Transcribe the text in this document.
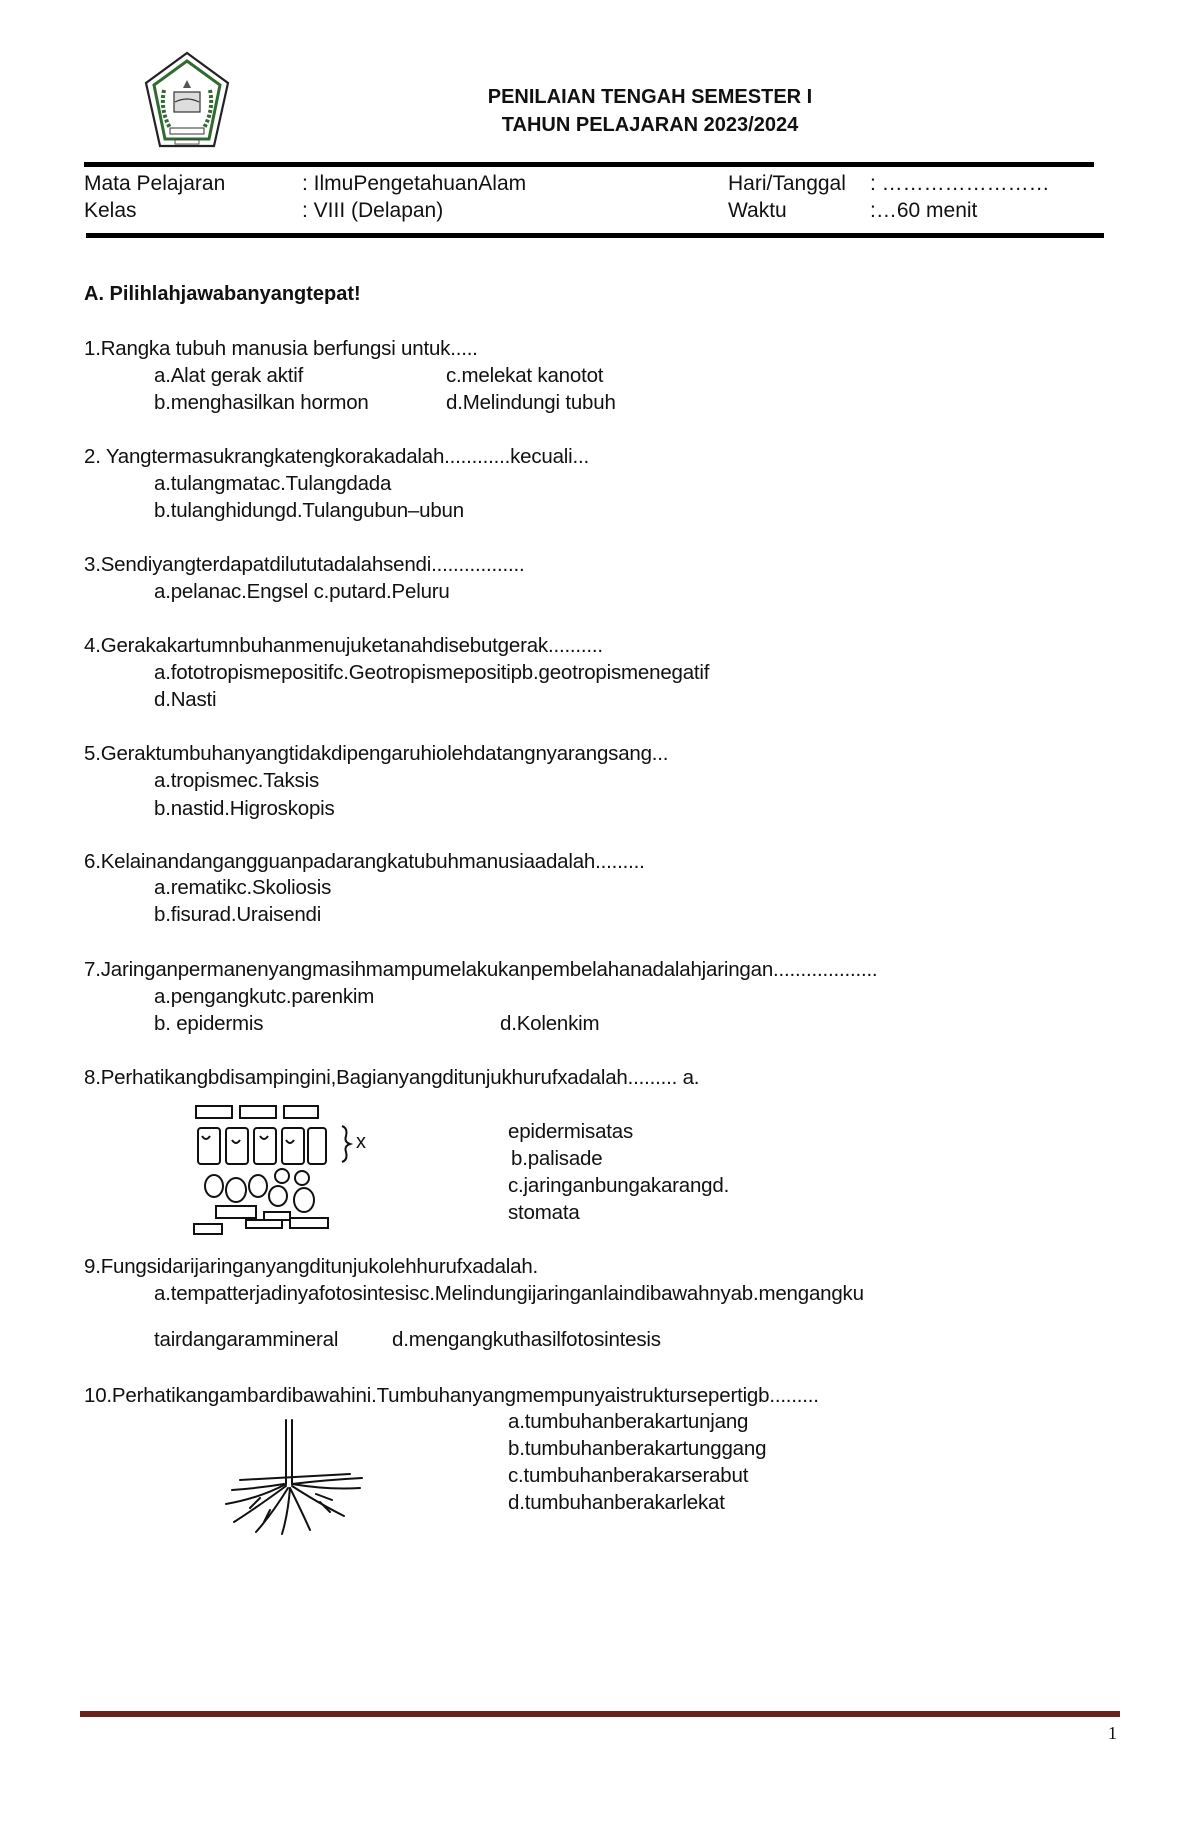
PENILAIAN TENGAH SEMESTER I
TAHUN PELAJARAN 2023/2024
Mata Pelajaran	: IlmuPengetahuanAlam	Hari/Tanggal : ……………………
Kelas	: VIII (Delapan)	Waktu	:…60 menit
A. Pilihlahjawabanyangtepat!
1.Rangka tubuh manusia berfungsi untuk.....
a.Alat gerak aktif	c.melekat kanotot
b.menghasilkan hormon	d.Melindungi tubuh
2. Yangtermasukrangkatengkorakadalah............kecuali...
a.tulangmatac.Tulangdada
b.tulanghidungd.Tulangubun–ubun
3.Sendiyangterdapatdilututadalahsendi.................
a.pelanac.Engsel c.putard.Peluru
4.Gerakakartumnbuhanmenujuketanahdisebutgerak..........
a.fototropismepositifc.Geotropismepositipb.geotropismenegatif
d.Nasti
5.Geraktumbuhanyangtidakdipengaruhiolehdatangnyarangsang...
a.tropismec.Taksis
b.nastid.Higroskopis
6.Kelainandangangguanpadarangkatubuhmanusiaadalah.........
a.rematikc.Skoliosis
b.fisurad.Uraisendi
7.Jaringanpermanenyangmasihmampumelakukanpembelahanadalahjaringan...................
a.pengangkutc.parenkim
b. epidermis	d.Kolenkim
8.Perhatikangbdisampingini,Bagianyangditunjukhurufxadalah......... a.
x	epidermisatas
b.palisade
c.jaringanbungakarangd.
stomata
9.Fungsidarijaringanyangditunjukolehhurufxadalah.
a.tempatterjadinyafotosintesisc.Melindungijaringanlaindibawahnyab.mengangku
tairdangarammineral	d.mengangkuthasilfotosintesis
10.Perhatikangambardibawahini.Tumbuhanyangmempunyaistruktursepertigb.........
a.tumbuhanberakartunjang
b.tumbuhanberakartunggang
c.tumbuhanberakarserabut
d.tumbuhanberakarlekat
1
